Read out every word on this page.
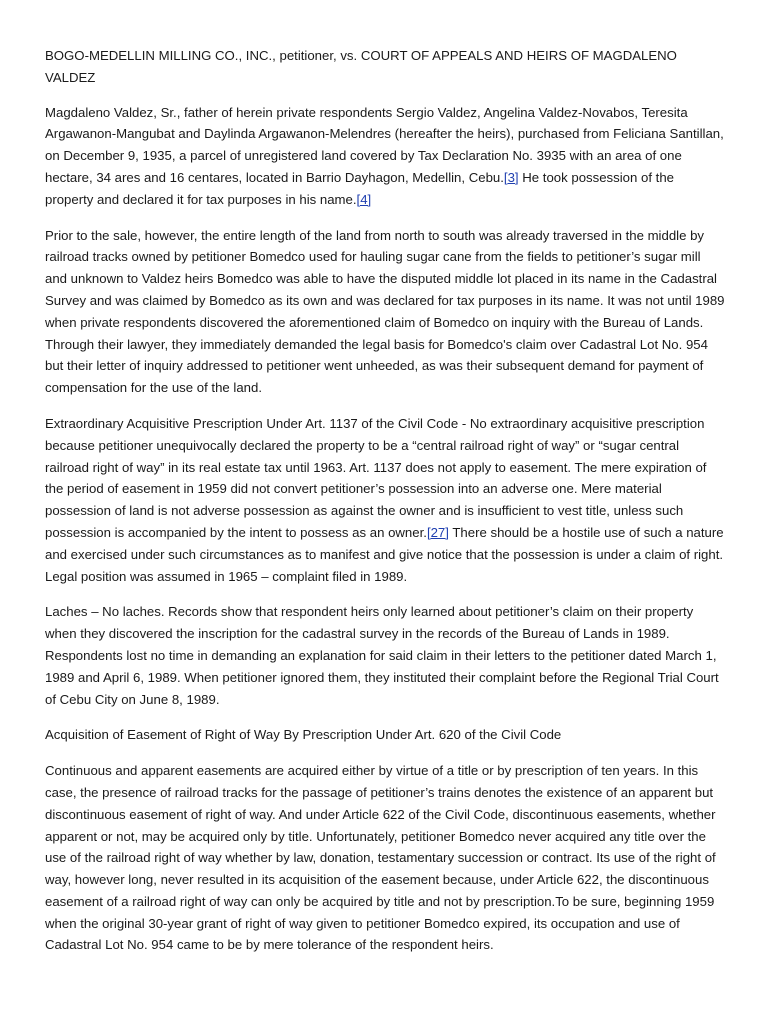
BOGO-MEDELLIN MILLING CO., INC., petitioner, vs. COURT OF APPEALS AND HEIRS OF MAGDALENO VALDEZ

Magdaleno Valdez, Sr., father of herein private respondents Sergio Valdez, Angelina Valdez-Novabos, Teresita Argawanon-Mangubat and Daylinda Argawanon-Melendres (hereafter the heirs), purchased from Feliciana Santillan, on December 9, 1935, a parcel of unregistered land covered by Tax Declaration No. 3935 with an area of one hectare, 34 ares and 16 centares, located in Barrio Dayhagon, Medellin, Cebu.[3] He took possession of the property and declared it for tax purposes in his name.[4]

Prior to the sale, however, the entire length of the land from north to south was already traversed in the middle by railroad tracks owned by petitioner Bomedco used for hauling sugar cane from the fields to petitioner’s sugar mill and unknown to Valdez heirs Bomedco was able to have the disputed middle lot placed in its name in the Cadastral Survey and was claimed by Bomedco as its own and was declared for tax purposes in its name. It was not until 1989 when private respondents discovered the aforementioned claim of Bomedco on inquiry with the Bureau of Lands. Through their lawyer, they immediately demanded the legal basis for Bomedco's claim over Cadastral Lot No. 954 but their letter of inquiry addressed to petitioner went unheeded, as was their subsequent demand for payment of compensation for the use of the land.

Extraordinary Acquisitive Prescription Under Art. 1137 of the Civil Code - No extraordinary acquisitive prescription because petitioner unequivocally declared the property to be a “central railroad right of way” or “sugar central railroad right of way” in its real estate tax until 1963. Art. 1137 does not apply to easement. The mere expiration of the period of easement in 1959 did not convert petitioner’s possession into an adverse one. Mere material possession of land is not adverse possession as against the owner and is insufficient to vest title, unless such possession is accompanied by the intent to possess as an owner.[27] There should be a hostile use of such a nature and exercised under such circumstances as to manifest and give notice that the possession is under a claim of right. Legal position was assumed in 1965 – complaint filed in 1989.

Laches – No laches. Records show that respondent heirs only learned about petitioner’s claim on their property when they discovered the inscription for the cadastral survey in the records of the Bureau of Lands in 1989. Respondents lost no time in demanding an explanation for said claim in their letters to the petitioner dated March 1, 1989 and April 6, 1989. When petitioner ignored them, they instituted their complaint before the Regional Trial Court of Cebu City on June 8, 1989.

Acquisition of Easement of Right of Way By Prescription Under Art. 620 of the Civil Code

Continuous and apparent easements are acquired either by virtue of a title or by prescription of ten years. In this case, the presence of railroad tracks for the passage of petitioner’s trains denotes the existence of an apparent but discontinuous easement of right of way. And under Article 622 of the Civil Code, discontinuous easements, whether apparent or not, may be acquired only by title. Unfortunately, petitioner Bomedco never acquired any title over the use of the railroad right of way whether by law, donation, testamentary succession or contract. Its use of the right of way, however long, never resulted in its acquisition of the easement because, under Article 622, the discontinuous easement of a railroad right of way can only be acquired by title and not by prescription.To be sure, beginning 1959 when the original 30-year grant of right of way given to petitioner Bomedco expired, its occupation and use of Cadastral Lot No. 954 came to be by mere tolerance of the respondent heirs.
